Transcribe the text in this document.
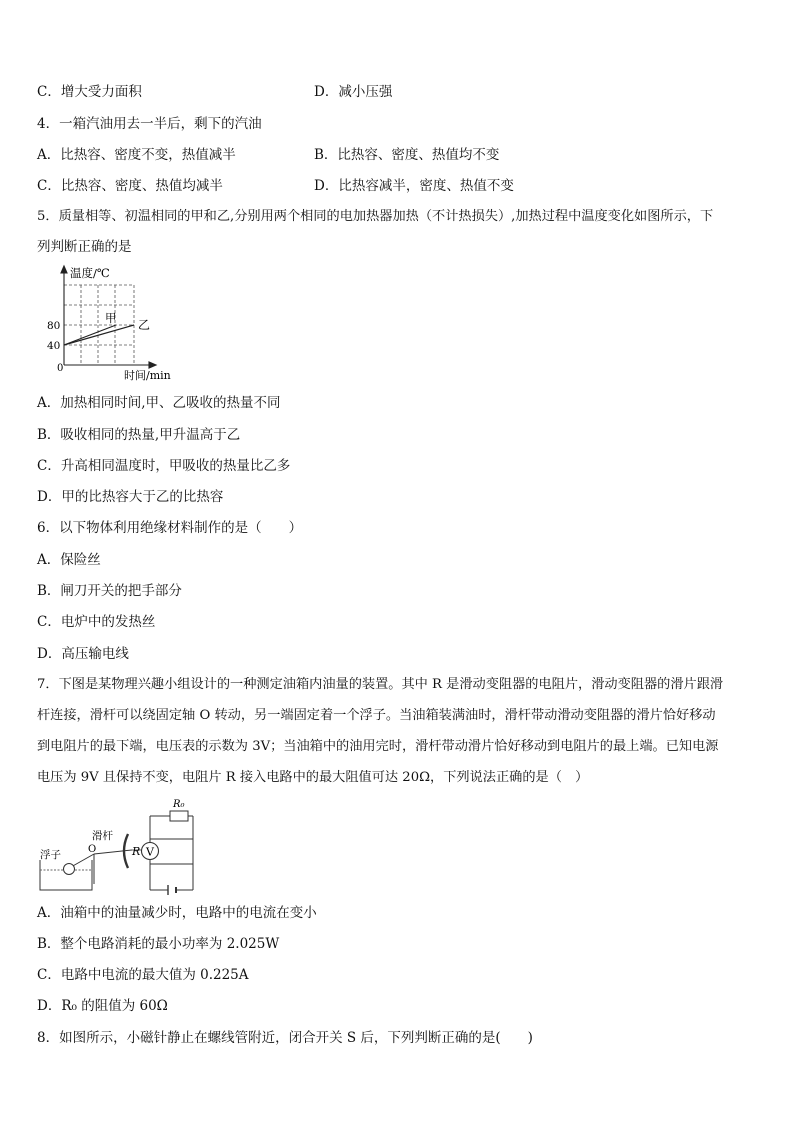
C．增大受力面积	D．减小压强
4．一箱汽油用去一半后，剩下的汽油
A．比热容、密度不变，热值减半	B．比热容、密度、热值均不变
C．比热容、密度、热值均减半	D．比热容减半，密度、热值不变
5．质量相等、初温相同的甲和乙,分别用两个相同的电加热器加热（不计热损失）,加热过程中温度变化如图所示，下
列判断正确的是
温度/℃
时间/min
0
80
40
甲 乙
A．加热相同时间,甲、乙吸收的热量不同
B．吸收相同的热量,甲升温高于乙
C．升高相同温度时，甲吸收的热量比乙多
D．甲的比热容大于乙的比热容
6．以下物体利用绝缘材料制作的是（　　）
A．保险丝
B．闸刀开关的把手部分
C．电炉中的发热丝
D．高压输电线
7．下图是某物理兴趣小组设计的一种测定油箱内油量的装置。其中 R 是滑动变阻器的电阻片，滑动变阻器的滑片跟滑
杆连接，滑杆可以绕固定轴 O 转动，另一端固定着一个浮子。当油箱装满油时，滑杆带动滑动变阻器的滑片恰好移动
到电阻片的最下端，电压表的示数为 3V；当油箱中的油用完时，滑杆带动滑片恰好移动到电阻片的最上端。已知电源
电压为 9V 且保持不变，电阻片 R 接入电路中的最大阻值可达 20Ω，下列说法正确的是（　）
V
R₀
滑杆
O
浮子	R
A．油箱中的油量减少时，电路中的电流在变小
B．整个电路消耗的最小功率为 2.025W
C．电路中电流的最大值为 0.225A
D．R₀ 的阻值为 60Ω
8．如图所示，小磁针静止在螺线管附近，闭合开关 S 后，下列判断正确的是(　　)
